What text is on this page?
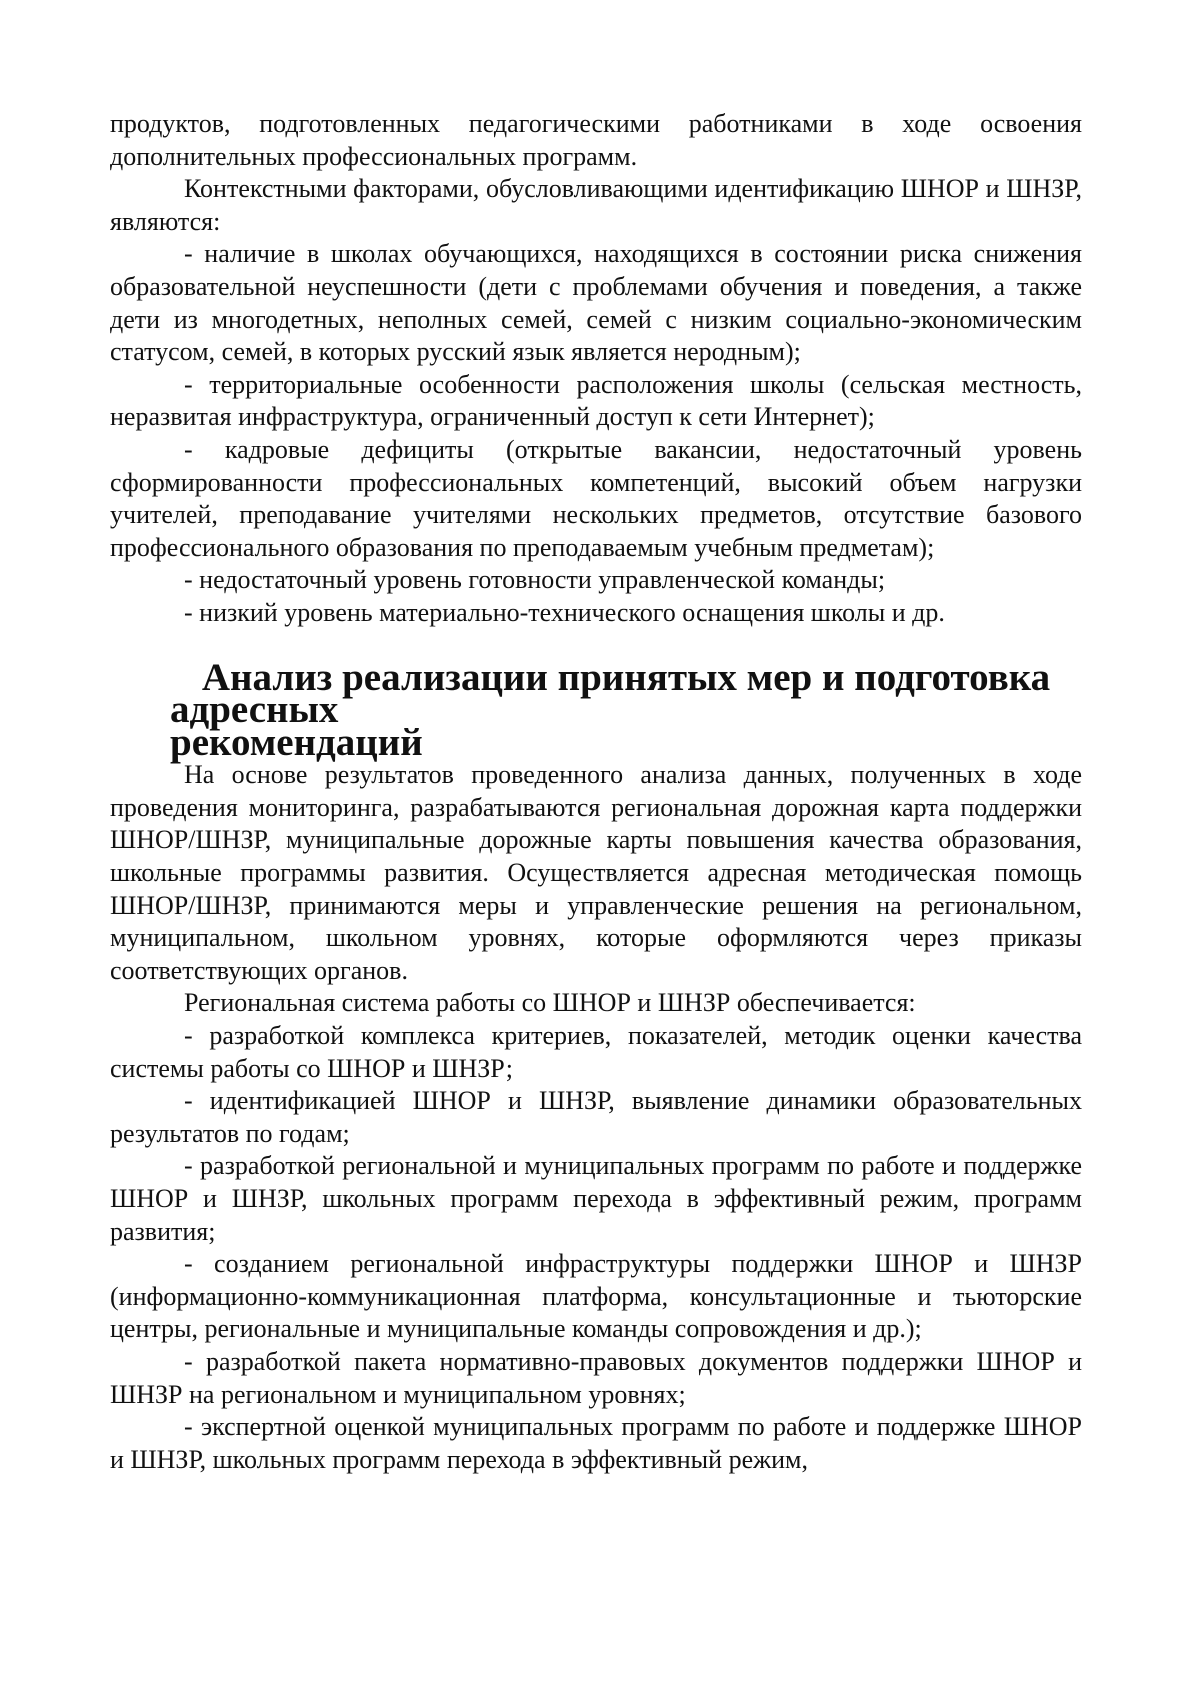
продуктов, подготовленных педагогическими работниками в ходе освоения дополнительных профессиональных программ.

Контекстными факторами, обусловливающими идентификацию ШНОР и ШНЗР, являются:

- наличие в школах обучающихся, находящихся в состоянии риска снижения образовательной неуспешности (дети с проблемами обучения и поведения, а также дети из многодетных, неполных семей, семей с низким социально-экономическим статусом, семей, в которых русский язык является неродным);

- территориальные особенности расположения школы (сельская местность, неразвитая инфраструктура, ограниченный доступ к сети Интернет);

- кадровые дефициты (открытые вакансии, недостаточный уровень сформированности профессиональных компетенций, высокий объем нагрузки учителей, преподавание учителями нескольких предметов, отсутствие базового профессионального образования по преподаваемым учебным предметам);

- недостаточный уровень готовности управленческой команды;

- низкий уровень материально-технического оснащения школы и др.

Анализ реализации принятых мер и подготовка адресных
рекомендаций

На основе результатов проведенного анализа данных, полученных в ходе проведения мониторинга, разрабатываются региональная дорожная карта поддержки ШНОР/ШНЗР, муниципальные дорожные карты повышения качества образования, школьные программы развития. Осуществляется адресная методическая помощь ШНОР/ШНЗР, принимаются меры и управленческие решения на региональном, муниципальном, школьном уровнях, которые оформляются через приказы соответствующих органов.

Региональная система работы со ШНОР и ШНЗР обеспечивается:

- разработкой комплекса критериев, показателей, методик оценки качества системы работы со ШНОР и ШНЗР;

- идентификацией ШНОР и ШНЗР, выявление динамики образовательных результатов по годам;

- разработкой региональной и муниципальных программ по работе и поддержке ШНОР и ШНЗР, школьных программ перехода в эффективный режим, программ развития;

- созданием региональной инфраструктуры поддержки ШНОР и ШНЗР (информационно-коммуникационная платформа, консультационные и тьюторские центры, региональные и муниципальные команды сопровождения и др.);

- разработкой пакета нормативно-правовых документов поддержки ШНОР и ШНЗР на региональном и муниципальном уровнях;

- экспертной оценкой муниципальных программ по работе и поддержке ШНОР и ШНЗР, школьных программ перехода в эффективный режим,
